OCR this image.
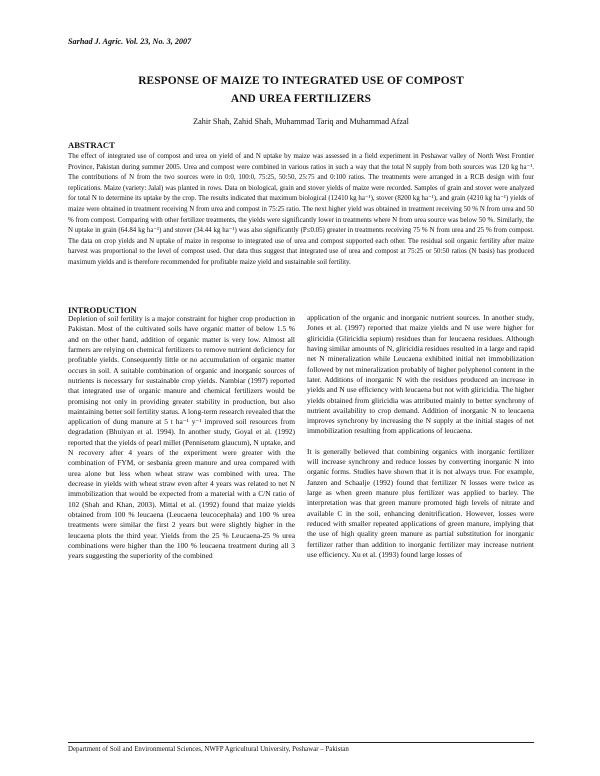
Sarhad J. Agric. Vol. 23, No. 3, 2007
RESPONSE OF MAIZE TO INTEGRATED USE OF COMPOST
AND UREA FERTILIZERS
Zahir Shah, Zahid Shah, Muhammad Tariq and Muhammad Afzal
ABSTRACT

The effect of integrated use of compost and urea on yield of and N uptake by maize was assessed in a field experiment in Peshawar valley of North West Frontier Province, Pakistan during summer 2005. Urea and compost were combined in various ratios in such a way that the total N supply from both sources was 120 kg ha⁻¹. The contributions of N from the two sources were in 0:0, 100:0, 75:25, 50:50, 25:75 and 0:100 ratios. The treatments were arranged in a RCB design with four replications. Maize (variety: Jalal) was planted in rows. Data on biological, grain and stover yields of maize were recorded. Samples of grain and stover were analyzed for total N to determine its uptake by the crop. The results indicated that maximum biological (12410 kg ha⁻¹), stover (8200 kg ha⁻¹), and grain (4210 kg ha⁻¹) yields of maize were obtained in treatment receiving N from urea and compost in 75:25 ratio. The next higher yield was obtained in treatment receiving 50 % N from urea and 50 % from compost. Comparing with other fertilizer treatments, the yields were significantly lower in treatments where N from urea source was below 50 %. Similarly, the N uptake in grain (64.84 kg ha⁻¹) and stover (34.44 kg ha⁻¹) was also significantly (P≤0.05) greater in treatments receiving 75 % N from urea and 25 % from compost. The data on crop yields and N uptake of maize in response to integrated use of urea and compost supported each other. The residual soil organic fertility after maize harvest was proportional to the level of compost used. Our data thus suggest that integrated use of urea and compost at 75:25 or 50:50 ratios (N basis) has produced maximum yields and is therefore recommended for profitable maize yield and sustainable soil fertility.

INTRODUCTION

Depletion of soil fertility is a major constraint for higher crop production in Pakistan. Most of the cultivated soils have organic matter of below 1.5 % and on the other hand, addition of organic matter is very low. Almost all farmers are relying on chemical fertilizers to remove nutrient deficiency for profitable yields. Consequently little or no accumulation of organic matter occurs in soil. A suitable combination of organic and inorganic sources of nutrients is necessary for sustainable crop yields. Nambiar (1997) reported that integrated use of organic manure and chemical fertilizers would be promising not only in providing greater stability in production, but also maintaining better soil fertility status. A long-term research revealed that the application of dung manure at 5 t ha⁻¹ y⁻¹ improved soil resources from degradation (Bhuiyan et al. 1994). In another study, Goyal et al. (1992) reported that the yields of pearl millet (Pennisetum glaucum), N uptake, and N recovery after 4 years of the experiment were greater with the combination of FYM, or sesbania green manure and urea compared with urea alone but less when wheat straw was combined with urea. The decrease in yields with wheat straw even after 4 years was related to net N immobilization that would be expected from a material with a C/N ratio of 102 (Shah and Khan, 2003). Mittal et al. (1992) found that maize yields obtained from 100 % leucaena (Leucaena leucocephala) and 100 % urea treatments were similar the first 2 years but were slightly higher in the leucaena plots the third year. Yields from the 25 % Leucaena-25 % urea combinations were higher than the 100 % leucaena treatment during all 3 years suggesting the superiority of the combined

application of the organic and inorganic nutrient sources. In another study, Jones et al. (1997) reported that maize yields and N use were higher for gliricidia (Gliricidia sepium) residues than for leucaena residues. Although having similar amounts of N, gliricidia residues resulted in a large and rapid net N mineralization while Leucaena exhibited initial net immobilization followed by net mineralization probably of higher polyphenol content in the later. Additions of inorganic N with the residues produced an increase in yields and N use efficiency with leucaena but not with gliricidia. The higher yields obtained from gliricidia was attributed mainly to better synchrony of nutrient availability to crop demand. Addition of inorganic N to leucaena improves synchrony by increasing the N supply at the initial stages of net immobilization resulting from applications of leucaena.

It is generally believed that combining organics with inorganic fertilizer will increase synchrony and reduce losses by converting inorganic N into organic forms. Studies have shown that it is not always true. For example, Janzen and Schaalje (1992) found that fertilizer N losses were twice as large as when green manure plus fertilizer was applied to barley. The interpretation was that green manure promoted high levels of nitrate and available C in the soil, enhancing denitrification. However, losses were reduced with smaller repeated applications of green manure, implying that the use of high quality green manure as partial substitution for inorganic fertilizer rather than addition to inorganic fertilizer may increase nutrient use efficiency. Xu et al. (1993) found large losses of

Department of Soil and Environmental Sciences, NWFP Agricultural University, Peshawar – Pakistan
